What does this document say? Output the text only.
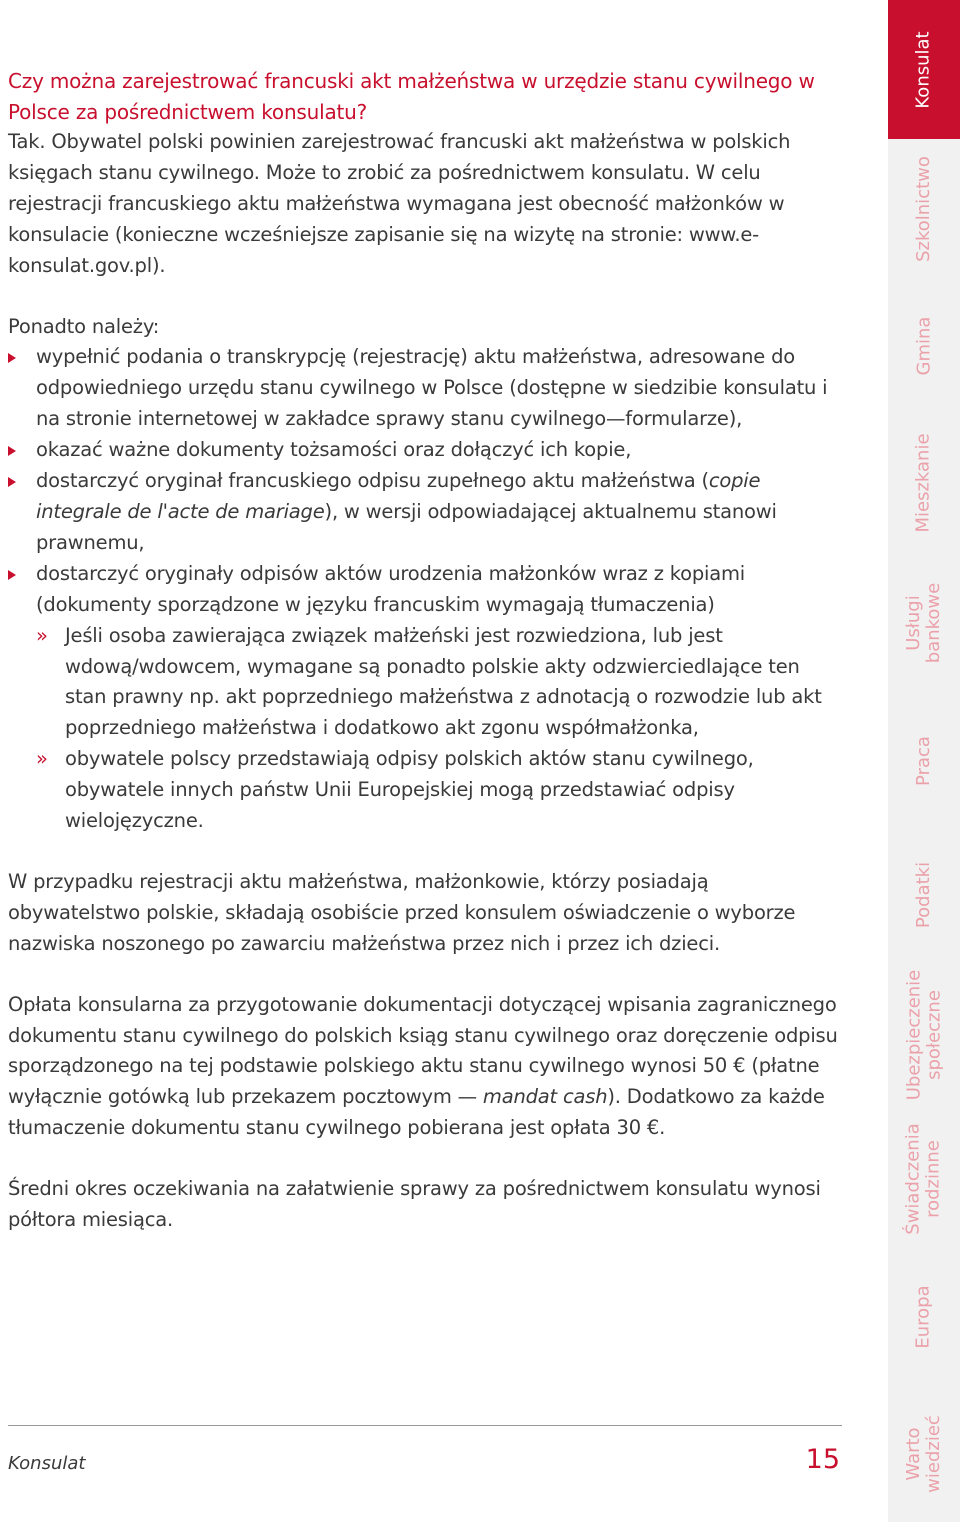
Czy można zarejestrować francuski akt małżeństwa w urzędzie stanu cywilnego w Polsce za pośrednictwem konsulatu?

Tak. Obywatel polski powinien zarejestrować francuski akt małżeństwa w polskich księgach stanu cywilnego. Może to zrobić za pośrednictwem konsulatu. W celu rejestracji francuskiego aktu małżeństwa wymagana jest obecność małżonków w konsulacie (konieczne wcześniejsze zapisanie się na wizytę na stronie: www.e-konsulat.gov.pl).

Ponadto należy:

wypełnić podania o transkrypcję (rejestrację) aktu małżeństwa, adresowane do odpowiedniego urzędu stanu cywilnego w Polsce (dostępne w siedzibie konsulatu i na stronie internetowej w zakładce sprawy stanu cywilnego—formularze),
okazać ważne dokumenty tożsamości oraz dołączyć ich kopie,
dostarczyć oryginał francuskiego odpisu zupełnego aktu małżeństwa (copie integrale de l'acte de mariage), w wersji odpowiadającej aktualnemu stanowi prawnemu,
dostarczyć oryginały odpisów aktów urodzenia małżonków wraz z kopiami (dokumenty sporządzone w języku francuskim wymagają tłumaczenia)
» Jeśli osoba zawierająca związek małżeński jest rozwiedziona, lub jest wdową/wdowcem, wymagane są ponadto polskie akty odzwierciedlające ten stan prawny np. akt poprzedniego małżeństwa z adnotacją o rozwodzie lub akt poprzedniego małżeństwa i dodatkowo akt zgonu współmałżonka,
» obywatele polscy przedstawiają odpisy polskich aktów stanu cywilnego, obywatele innych państw Unii Europejskiej mogą przedstawiać odpisy wielojęzyczne.

W przypadku rejestracji aktu małżeństwa, małżonkowie, którzy posiadają obywatelstwo polskie, składają osobiście przed konsulem oświadczenie o wyborze nazwiska noszonego po zawarciu małżeństwa przez nich i przez ich dzieci.

Opłata konsularna za przygotowanie dokumentacji dotyczącej wpisania zagranicznego dokumentu stanu cywilnego do polskich ksiąg stanu cywilnego oraz doręczenie odpisu sporządzonego na tej podstawie polskiego aktu stanu cywilnego wynosi 50 € (płatne wyłącznie gotówką lub przekazem pocztowym — mandat cash). Dodatkowo za każde tłumaczenie dokumentu stanu cywilnego pobierana jest opłata 30 €.

Średni okres oczekiwania na załatwienie sprawy za pośrednictwem konsulatu wynosi półtora miesiąca.

Konsulat	15
Konsulat
Szkolnictwo
Gmina
Mieszkanie
Usługi
bankowe
Praca
Podatki
Ubezpieczenie
społeczne
Świadczenia
rodzinne
Europa
Warto
wiedzieć
